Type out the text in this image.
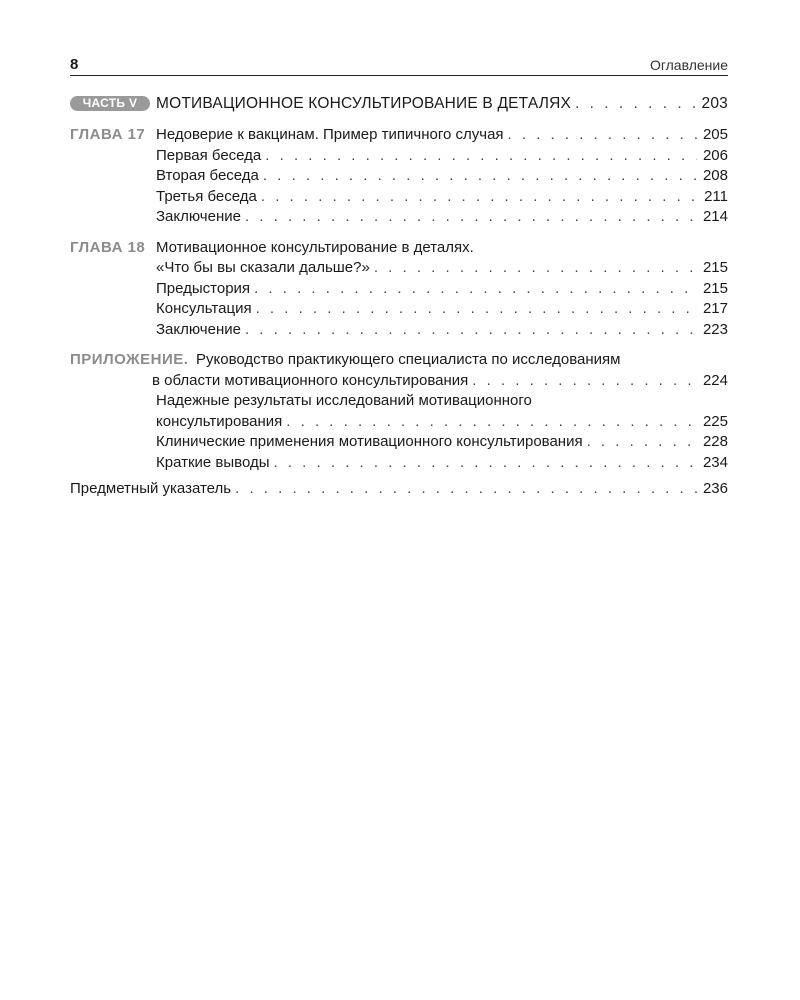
8	Оглавление
ЧАСТЬ V	МОТИВАЦИОННОЕ КОНСУЛЬТИРОВАНИЕ В ДЕТАЛЯХ . . .	203
ГЛАВА 17 Недоверие к вакцинам. Пример типичного случая . . .	205
Первая беседа . . .	206
Вторая беседа . . .	208
Третья беседа . . .	211
Заключение . . .	214
ГЛАВА 18 Мотивационное консультирование в деталях.
«Что бы вы сказали дальше?» . . .	215
Предыстория . . .	215
Консультация . . .	217
Заключение . . .	223
ПРИЛОЖЕНИЕ. Руководство практикующего специалиста по исследованиям
в области мотивационного консультирования . . .	224
Надежные результаты исследований мотивационного
консультирования . . .	225
Клинические применения мотивационного консультирования . . .	228
Краткие выводы . . .	234
Предметный указатель . . .	236
